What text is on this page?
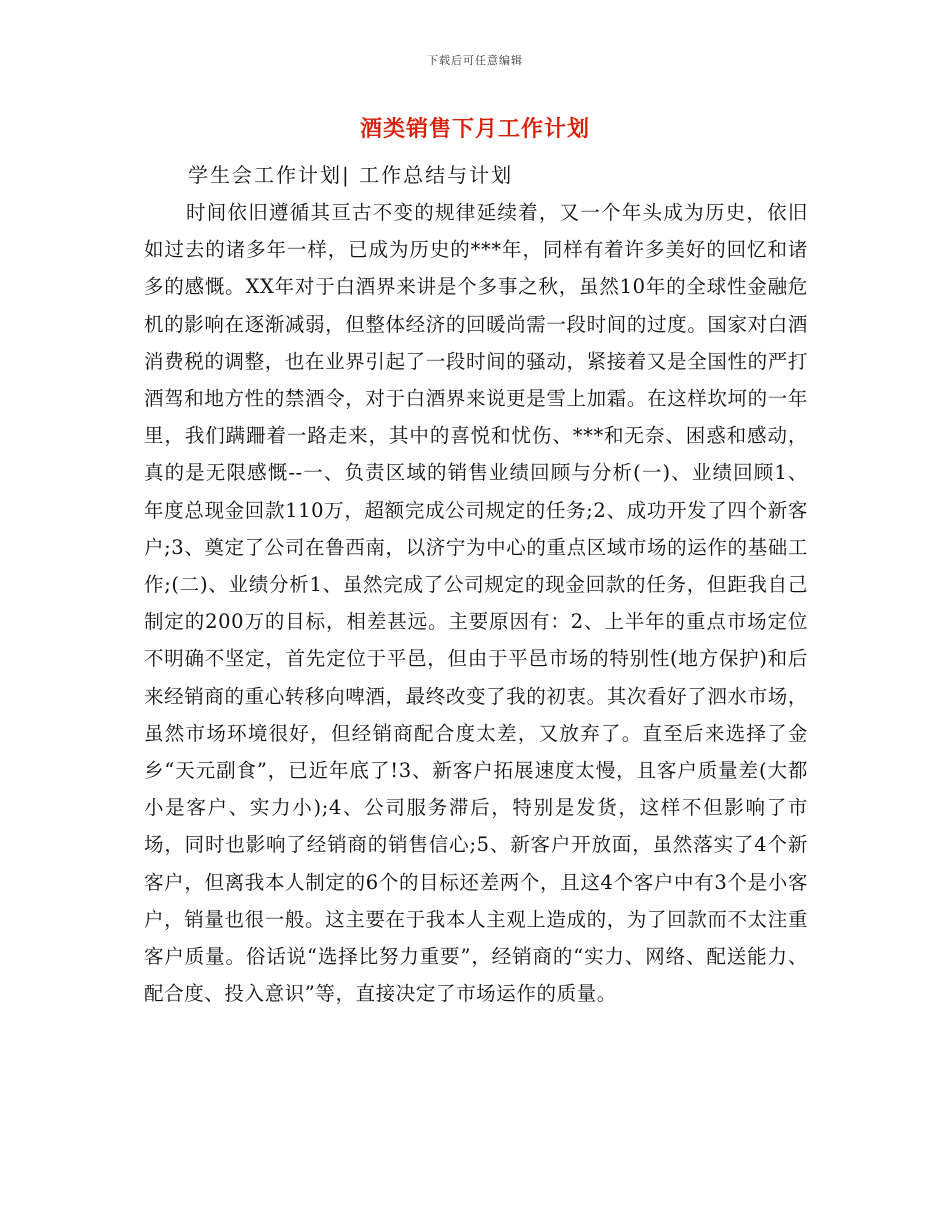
下载后可任意编辑
酒类销售下月工作计划
学生会工作计划| 工作总结与计划

时间依旧遵循其亘古不变的规律延续着，又一个年头成为历史，依旧如过去的诸多年一样，已成为历史的***年，同样有着许多美好的回忆和诸多的感慨。XX年对于白酒界来讲是个多事之秋，虽然10年的全球性金融危机的影响在逐渐减弱，但整体经济的回暖尚需一段时间的过度。国家对白酒消费税的调整，也在业界引起了一段时间的骚动，紧接着又是全国性的严打酒驾和地方性的禁酒令，对于白酒界来说更是雪上加霜。在这样坎坷的一年里，我们蹒跚着一路走来，其中的喜悦和忧伤、***和无奈、困惑和感动，真的是无限感慨--一、负责区域的销售业绩回顾与分析(一)、业绩回顾1、年度总现金回款110万，超额完成公司规定的任务;2、成功开发了四个新客户;3、奠定了公司在鲁西南，以济宁为中心的重点区域市场的运作的基础工作;(二)、业绩分析1、虽然完成了公司规定的现金回款的任务，但距我自己制定的200万的目标，相差甚远。主要原因有：2、上半年的重点市场定位不明确不坚定，首先定位于平邑，但由于平邑市场的特别性(地方保护)和后来经销商的重心转移向啤酒，最终改变了我的初衷。其次看好了泗水市场，虽然市场环境很好，但经销商配合度太差，又放弃了。直至后来选择了金乡“天元副食”，已近年底了!3、新客户拓展速度太慢，且客户质量差(大都小是客户、实力小);4、公司服务滞后，特别是发货，这样不但影响了市场，同时也影响了经销商的销售信心;5、新客户开放面，虽然落实了4个新客户，但离我本人制定的6个的目标还差两个，且这4个客户中有3个是小客户，销量也很一般。这主要在于我本人主观上造成的，为了回款而不太注重客户质量。俗话说“选择比努力重要”，经销商的“实力、网络、配送能力、配合度、投入意识”等，直接决定了市场运作的质量。
